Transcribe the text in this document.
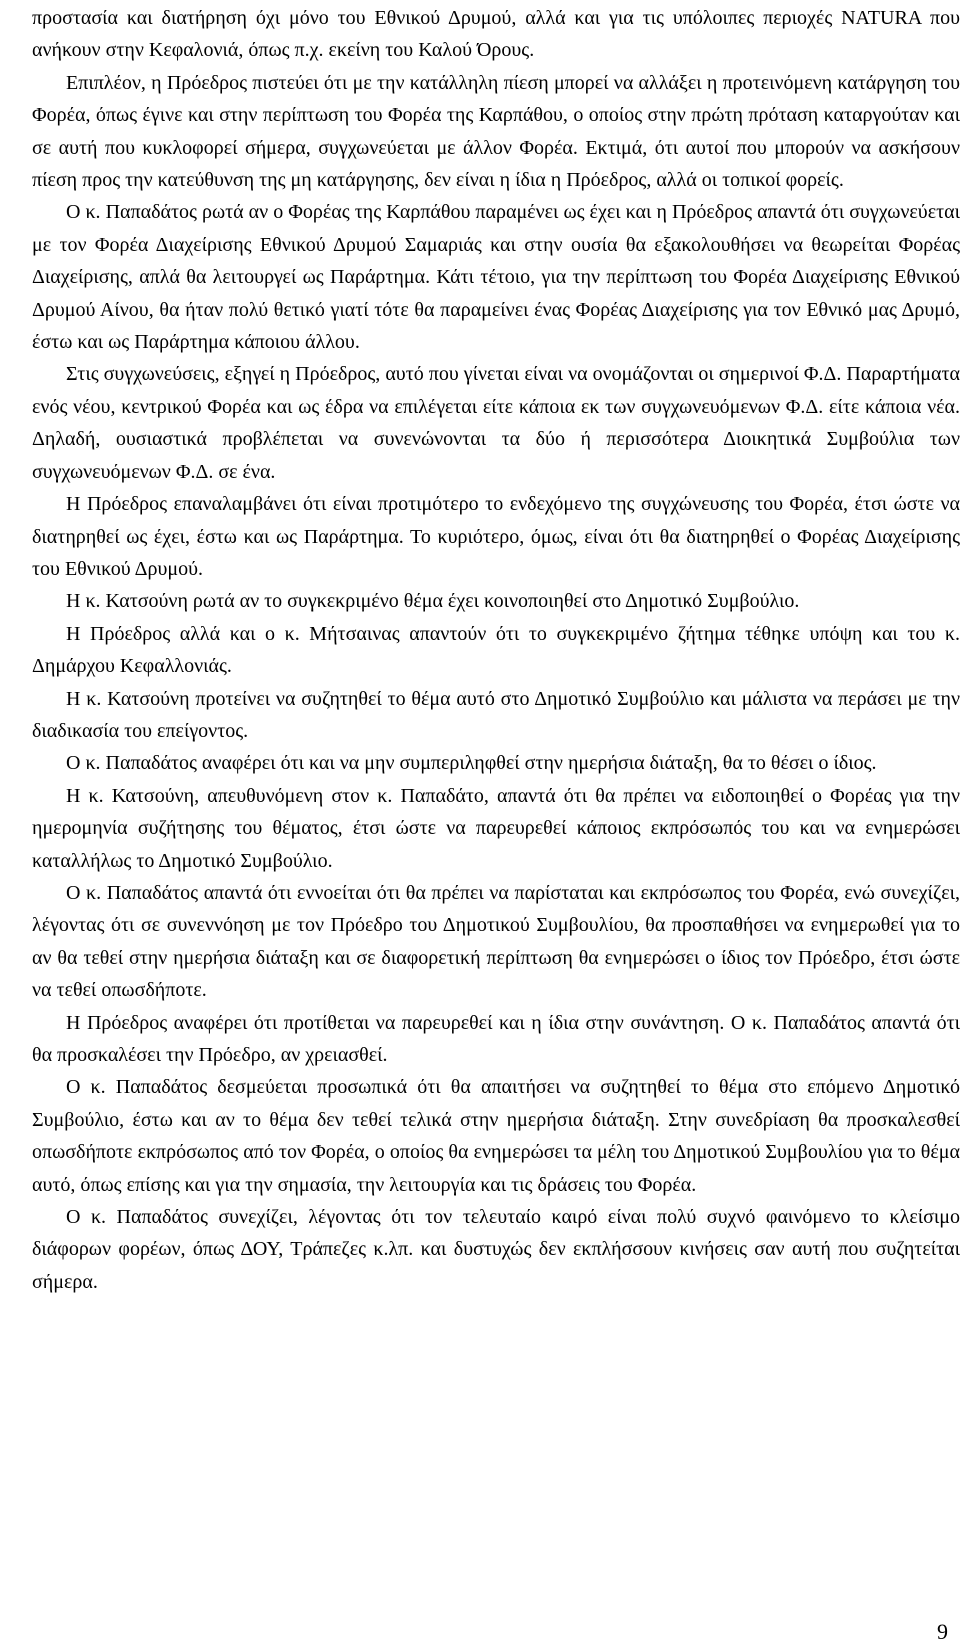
προστασία και διατήρηση όχι μόνο του Εθνικού Δρυμού, αλλά και για τις υπόλοιπες περιοχές NATURA που ανήκουν στην Κεφαλονιά, όπως π.χ. εκείνη του Καλού Όρους.

Επιπλέον, η Πρόεδρος πιστεύει ότι με την κατάλληλη πίεση μπορεί να αλλάξει η προτεινόμενη κατάργηση του Φορέα, όπως έγινε και στην περίπτωση του Φορέα της Καρπάθου, ο οποίος στην πρώτη πρόταση καταργούταν και σε αυτή που κυκλοφορεί σήμερα, συγχωνεύεται με άλλον Φορέα. Εκτιμά, ότι αυτοί που μπορούν να ασκήσουν πίεση προς την κατεύθυνση της μη κατάργησης, δεν είναι η ίδια η Πρόεδρος, αλλά οι τοπικοί φορείς.

Ο κ. Παπαδάτος ρωτά αν ο Φορέας της Καρπάθου παραμένει ως έχει και η Πρόεδρος απαντά ότι συγχωνεύεται με τον Φορέα Διαχείρισης Εθνικού Δρυμού Σαμαριάς και στην ουσία θα εξακολουθήσει να θεωρείται Φορέας Διαχείρισης, απλά θα λειτουργεί ως Παράρτημα. Κάτι τέτοιο, για την περίπτωση του Φορέα Διαχείρισης Εθνικού Δρυμού Αίνου, θα ήταν πολύ θετικό γιατί τότε θα παραμείνει ένας Φορέας Διαχείρισης για τον Εθνικό μας Δρυμό, έστω και ως Παράρτημα κάποιου άλλου.

Στις συγχωνεύσεις, εξηγεί η Πρόεδρος, αυτό που γίνεται είναι να ονομάζονται οι σημερινοί Φ.Δ. Παραρτήματα ενός νέου, κεντρικού Φορέα και ως έδρα να επιλέγεται είτε κάποια εκ των συγχωνευόμενων Φ.Δ. είτε κάποια νέα. Δηλαδή, ουσιαστικά προβλέπεται να συνενώνονται τα δύο ή περισσότερα Διοικητικά Συμβούλια των συγχωνευόμενων Φ.Δ. σε ένα.

Η Πρόεδρος επαναλαμβάνει ότι είναι προτιμότερο το ενδεχόμενο της συγχώνευσης του Φορέα, έτσι ώστε να διατηρηθεί ως έχει, έστω και ως Παράρτημα. Το κυριότερο, όμως, είναι ότι θα διατηρηθεί ο Φορέας Διαχείρισης του Εθνικού Δρυμού.

Η κ. Κατσούνη ρωτά αν το συγκεκριμένο θέμα έχει κοινοποιηθεί στο Δημοτικό Συμβούλιο.

Η Πρόεδρος αλλά και ο κ. Μήτσαινας απαντούν ότι το συγκεκριμένο ζήτημα τέθηκε υπόψη και του κ. Δημάρχου Κεφαλλονιάς.

Η κ. Κατσούνη προτείνει να συζητηθεί το θέμα αυτό στο Δημοτικό Συμβούλιο και μάλιστα να περάσει με την διαδικασία του επείγοντος.

Ο κ. Παπαδάτος αναφέρει ότι και να μην συμπεριληφθεί στην ημερήσια διάταξη, θα το θέσει ο ίδιος.

Η κ. Κατσούνη, απευθυνόμενη στον κ. Παπαδάτο, απαντά ότι θα πρέπει να ειδοποιηθεί ο Φορέας για την ημερομηνία συζήτησης του θέματος, έτσι ώστε να παρευρεθεί κάποιος εκπρόσωπός του και να ενημερώσει καταλλήλως το Δημοτικό Συμβούλιο.

Ο κ. Παπαδάτος απαντά ότι εννοείται ότι θα πρέπει να παρίσταται και εκπρόσωπος του Φορέα, ενώ συνεχίζει, λέγοντας ότι σε συνεννόηση με τον Πρόεδρο του Δημοτικού Συμβουλίου, θα προσπαθήσει να ενημερωθεί για το αν θα τεθεί στην ημερήσια διάταξη και σε διαφορετική περίπτωση θα ενημερώσει ο ίδιος τον Πρόεδρο, έτσι ώστε να τεθεί οπωσδήποτε.

Η Πρόεδρος αναφέρει ότι προτίθεται να παρευρεθεί και η ίδια στην συνάντηση. Ο κ. Παπαδάτος απαντά ότι θα προσκαλέσει την Πρόεδρο, αν χρειασθεί.

Ο κ. Παπαδάτος δεσμεύεται προσωπικά ότι θα απαιτήσει να συζητηθεί το θέμα στο επόμενο Δημοτικό Συμβούλιο, έστω και αν το θέμα δεν τεθεί τελικά στην ημερήσια διάταξη. Στην συνεδρίαση θα προσκαλεσθεί οπωσδήποτε εκπρόσωπος από τον Φορέα, ο οποίος θα ενημερώσει τα μέλη του Δημοτικού Συμβουλίου για το θέμα αυτό, όπως επίσης και για την σημασία, την λειτουργία και τις δράσεις του Φορέα.

Ο κ. Παπαδάτος συνεχίζει, λέγοντας ότι τον τελευταίο καιρό είναι πολύ συχνό φαινόμενο το κλείσιμο διάφορων φορέων, όπως ΔΟΥ, Τράπεζες κ.λπ. και δυστυχώς δεν εκπλήσσουν κινήσεις σαν αυτή που συζητείται σήμερα.

9
